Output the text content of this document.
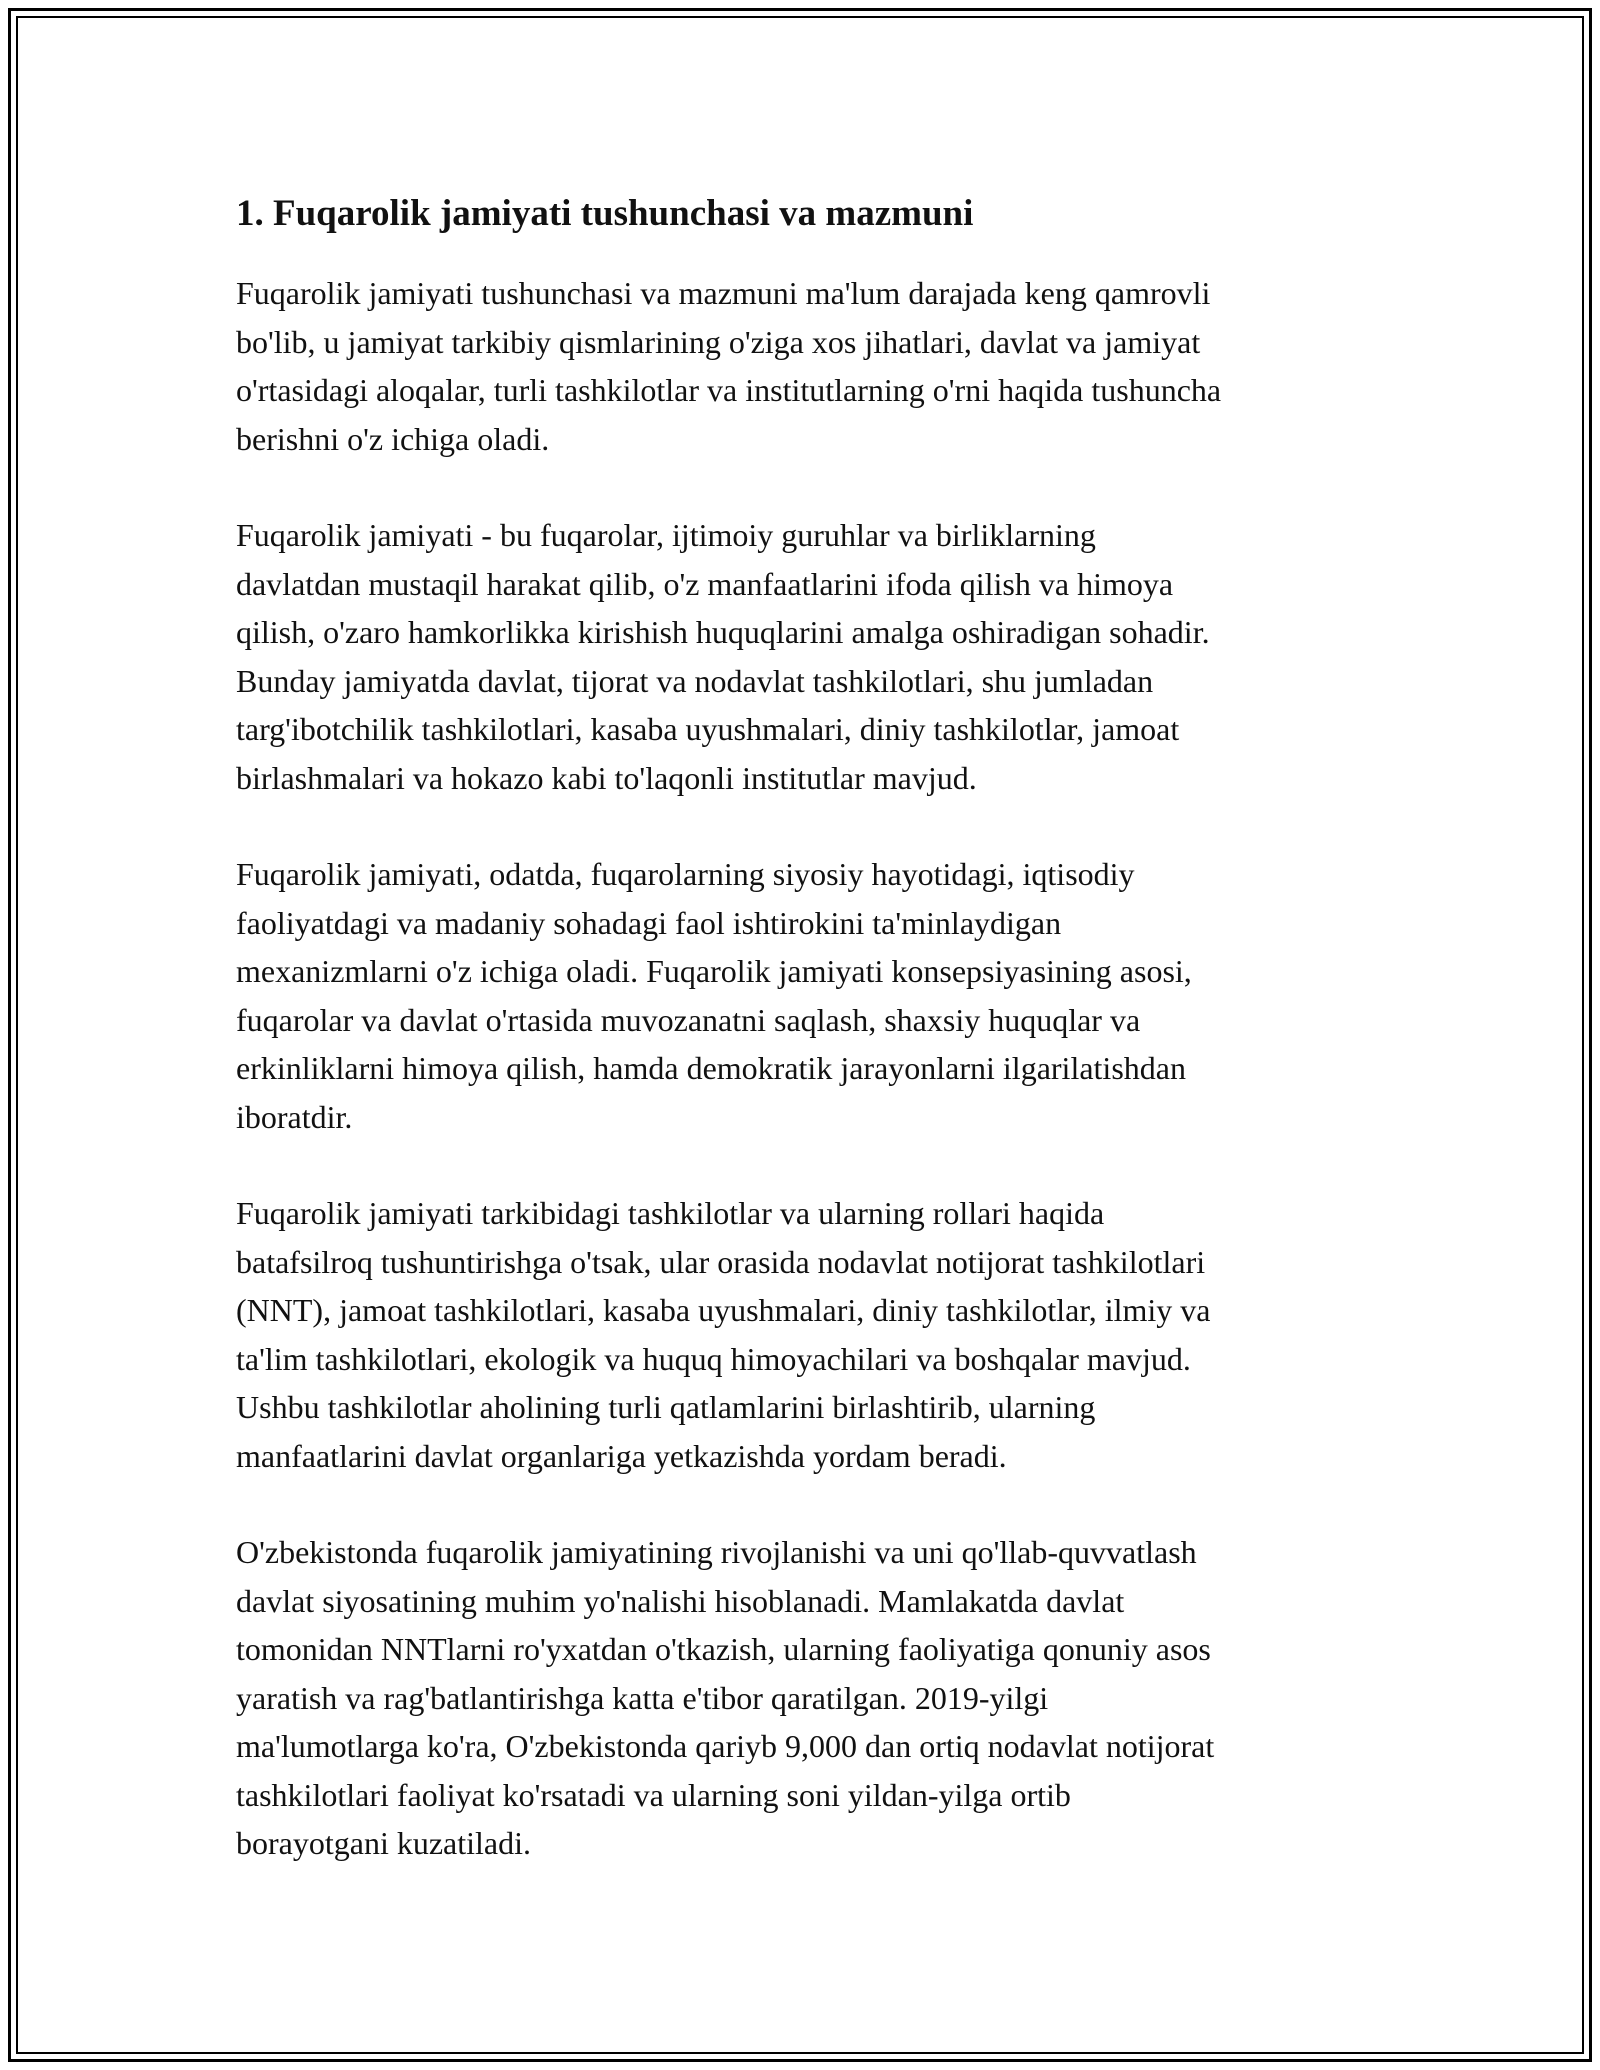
1. Fuqarolik jamiyati tushunchasi va mazmuni

Fuqarolik jamiyati tushunchasi va mazmuni ma'lum darajada keng qamrovli
bo'lib, u jamiyat tarkibiy qismlarining o'ziga xos jihatlari, davlat va jamiyat
o'rtasidagi aloqalar, turli tashkilotlar va institutlarning o'rni haqida tushuncha
berishni o'z ichiga oladi.

Fuqarolik jamiyati - bu fuqarolar, ijtimoiy guruhlar va birliklarning
davlatdan mustaqil harakat qilib, o'z manfaatlarini ifoda qilish va himoya
qilish, o'zaro hamkorlikka kirishish huquqlarini amalga oshiradigan sohadir.
Bunday jamiyatda davlat, tijorat va nodavlat tashkilotlari, shu jumladan
targ'ibotchilik tashkilotlari, kasaba uyushmalari, diniy tashkilotlar, jamoat
birlashmalari va hokazo kabi to'laqonli institutlar mavjud.

Fuqarolik jamiyati, odatda, fuqarolarning siyosiy hayotidagi, iqtisodiy
faoliyatdagi va madaniy sohadagi faol ishtirokini ta'minlaydigan
mexanizmlarni o'z ichiga oladi. Fuqarolik jamiyati konsepsiyasining asosi,
fuqarolar va davlat o'rtasida muvozanatni saqlash, shaxsiy huquqlar va
erkinliklarni himoya qilish, hamda demokratik jarayonlarni ilgarilatishdan
iboratdir.

Fuqarolik jamiyati tarkibidagi tashkilotlar va ularning rollari haqida
batafsilroq tushuntirishga o'tsak, ular orasida nodavlat notijorat tashkilotlari
(NNT), jamoat tashkilotlari, kasaba uyushmalari, diniy tashkilotlar, ilmiy va
ta'lim tashkilotlari, ekologik va huquq himoyachilari va boshqalar mavjud.
Ushbu tashkilotlar aholining turli qatlamlarini birlashtirib, ularning
manfaatlarini davlat organlariga yetkazishda yordam beradi.

O'zbekistonda fuqarolik jamiyatining rivojlanishi va uni qo'llab-quvvatlash
davlat siyosatining muhim yo'nalishi hisoblanadi. Mamlakatda davlat
tomonidan NNTlarni ro'yxatdan o'tkazish, ularning faoliyatiga qonuniy asos
yaratish va rag'batlantirishga katta e'tibor qaratilgan. 2019-yilgi
ma'lumotlarga ko'ra, O'zbekistonda qariyb 9,000 dan ortiq nodavlat notijorat
tashkilotlari faoliyat ko'rsatadi va ularning soni yildan-yilga ortib
borayotgani kuzatiladi.
